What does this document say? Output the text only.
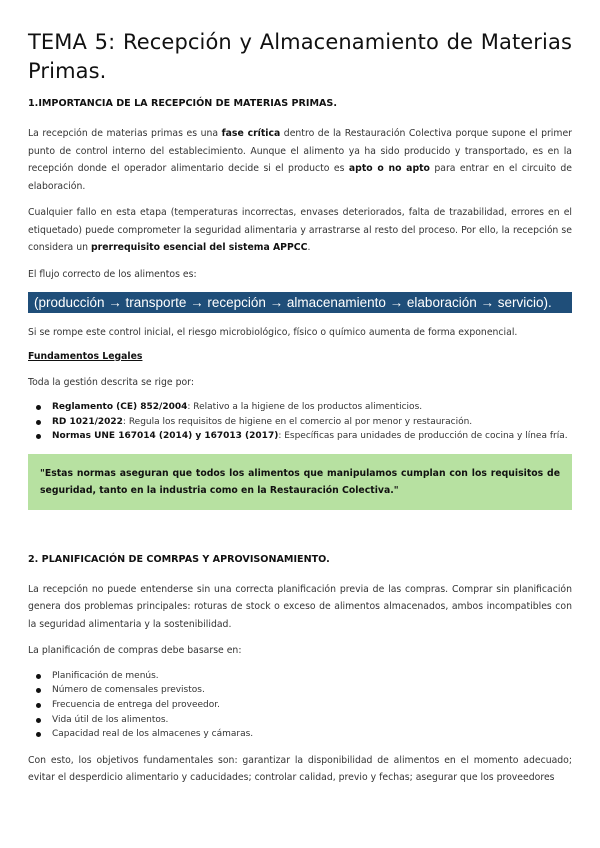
TEMA 5: Recepción y Almacenamiento de Materias
Primas.
1.IMPORTANCIA DE LA RECEPCIÓN DE MATERIAS PRIMAS.

La recepción de materias primas es una fase crítica dentro de la Restauración Colectiva porque supone el primer punto de control interno del establecimiento. Aunque el alimento ya ha sido producido y transportado, es en la recepción donde el operador alimentario decide si el producto es apto o no apto para entrar en el circuito de elaboración.

Cualquier fallo en esta etapa (temperaturas incorrectas, envases deteriorados, falta de trazabilidad, errores en el etiquetado) puede comprometer la seguridad alimentaria y arrastrarse al resto del proceso. Por ello, la recepción se considera un prerrequisito esencial del sistema APPCC.

El flujo correcto de los alimentos es:

(producción → transporte → recepción → almacenamiento → elaboración → servicio).

Si se rompe este control inicial, el riesgo microbiológico, físico o químico aumenta de forma exponencial.

Fundamentos Legales

Toda la gestión descrita se rige por:

Reglamento (CE) 852/2004: Relativo a la higiene de los productos alimenticios.
RD 1021/2022: Regula los requisitos de higiene en el comercio al por menor y restauración.
Normas UNE 167014 (2014) y 167013 (2017): Específicas para unidades de producción de cocina y línea fría.
"Estas normas aseguran que todos los alimentos que manipulamos cumplan con los requisitos de seguridad, tanto en la industria como en la Restauración Colectiva."
2. PLANIFICACIÓN DE COMRPAS Y APROVISONAMIENTO.

La recepción no puede entenderse sin una correcta planificación previa de las compras. Comprar sin planificación genera dos problemas principales: roturas de stock o exceso de alimentos almacenados, ambos incompatibles con la seguridad alimentaria y la sostenibilidad.

La planificación de compras debe basarse en:

Planificación de menús.
Número de comensales previstos.
Frecuencia de entrega del proveedor.
Vida útil de los alimentos.
Capacidad real de los almacenes y cámaras.

Con esto, los objetivos fundamentales son: garantizar la disponibilidad de alimentos en el momento adecuado; evitar el desperdicio alimentario y caducidades; controlar calidad, previo y fechas; asegurar que los proveedores
